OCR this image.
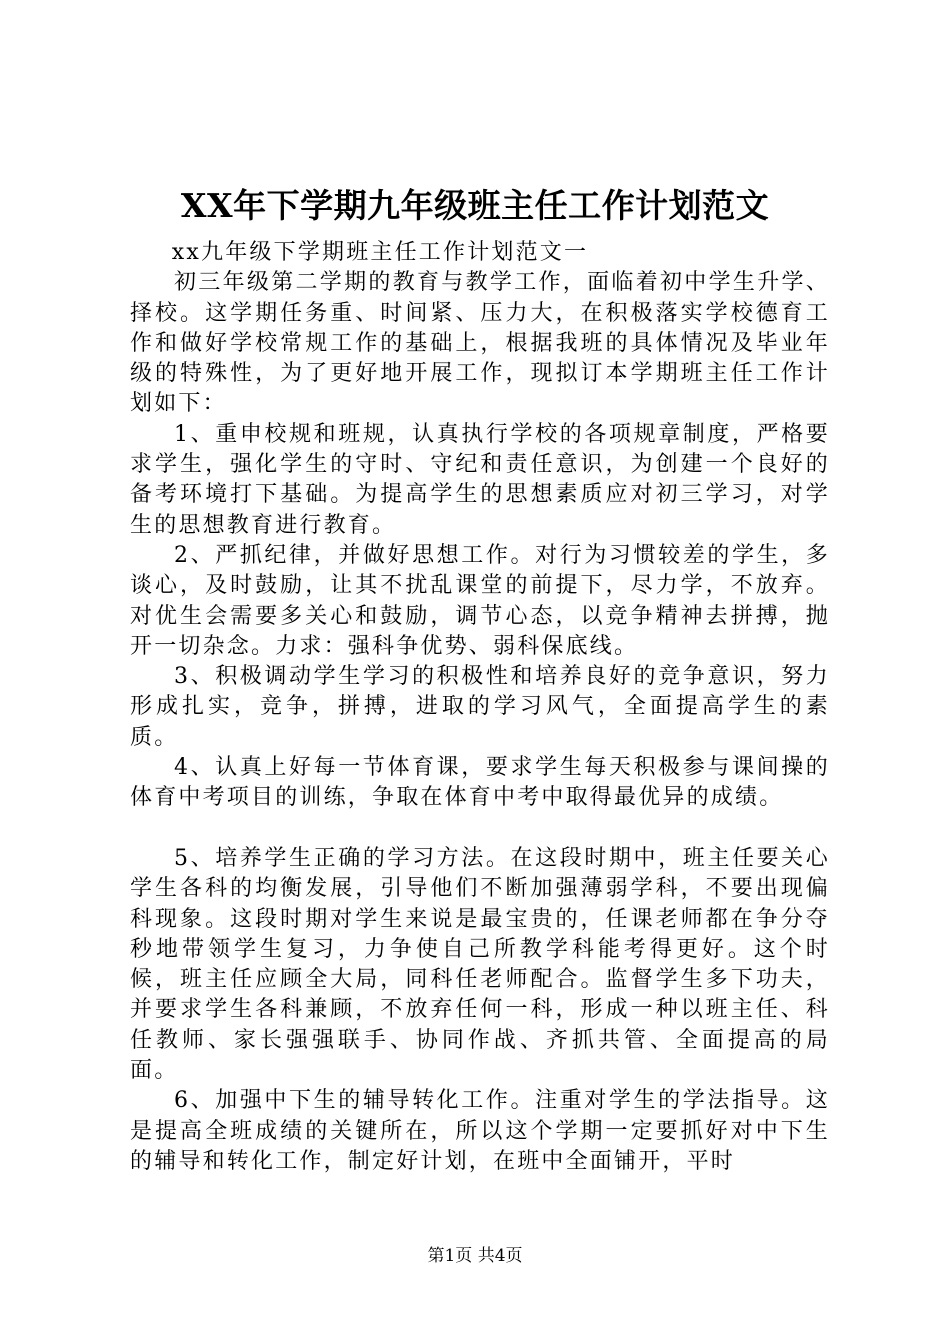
XX年下学期九年级班主任工作计划范文

xx九年级下学期班主任工作计划范文一

初三年级第二学期的教育与教学工作，面临着初中学生升学、择校。这学期任务重、时间紧、压力大，在积极落实学校德育工作和做好学校常规工作的基础上，根据我班的具体情况及毕业年级的特殊性，为了更好地开展工作，现拟订本学期班主任工作计划如下：

1、重申校规和班规，认真执行学校的各项规章制度，严格要求学生，强化学生的守时、守纪和责任意识，为创建一个良好的备考环境打下基础。为提高学生的思想素质应对初三学习，对学生的思想教育进行教育。

2、严抓纪律，并做好思想工作。对行为习惯较差的学生，多谈心，及时鼓励，让其不扰乱课堂的前提下，尽力学，不放弃。对优生会需要多关心和鼓励，调节心态，以竞争精神去拼搏，抛开一切杂念。力求：强科争优势、弱科保底线。

3、积极调动学生学习的积极性和培养良好的竞争意识，努力形成扎实，竞争，拼搏，进取的学习风气，全面提高学生的素质。

4、认真上好每一节体育课，要求学生每天积极参与课间操的体育中考项目的训练，争取在体育中考中取得最优异的成绩。

5、培养学生正确的学习方法。在这段时期中，班主任要关心学生各科的均衡发展，引导他们不断加强薄弱学科，不要出现偏科现象。这段时期对学生来说是最宝贵的，任课老师都在争分夺秒地带领学生复习，力争使自己所教学科能考得更好。这个时候，班主任应顾全大局，同科任老师配合。监督学生多下功夫，并要求学生各科兼顾，不放弃任何一科，形成一种以班主任、科任教师、家长强强联手、协同作战、齐抓共管、全面提高的局面。

6、加强中下生的辅导转化工作。注重对学生的学法指导。这是提高全班成绩的关键所在，所以这个学期一定要抓好对中下生的辅导和转化工作，制定好计划，在班中全面铺开，平时

第1页 共4页
